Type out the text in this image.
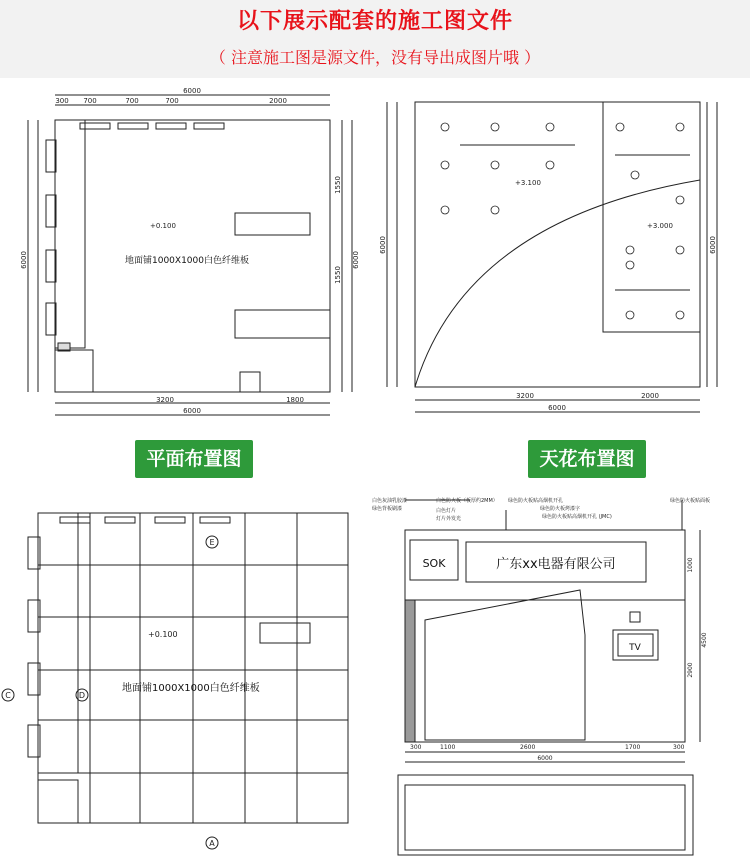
以下展示配套的施工图文件
（ 注意施工图是源文件，没有导出成图片哦 ）
6000
300 700	700	700	2000
+0.100
地面铺1000X1000白色纤维板
6000
3200	1800
6000	6000
1550
1550
+3.100
+3.000
6000
3200	2000
6000	6000
平面布置图	天花布置图
E
D
C
A
+0.100
地面铺1000X1000白色纤维板
白色灰油乳胶漆
绿色背板刷漆
白色防火板（板厚约2MM）
白色灯片
灯片外发光
绿色防火板贴高烟机开孔
绿色防火板烤漆字
绿色防火板贴高烟机开孔 (JMC)
绿色防火板贴面板
SOK	广东xx电器有限公司
TV
6000
300	1100	2600	1700	300
1000
2900
4500
